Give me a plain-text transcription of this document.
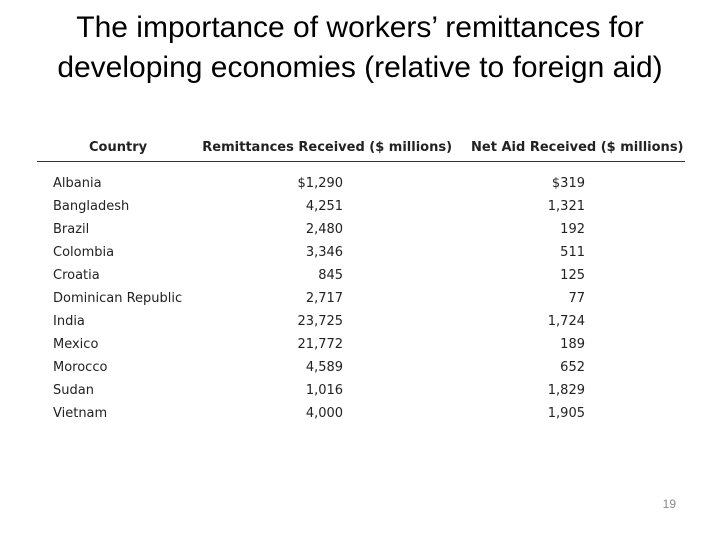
The importance of workers’ remittances for developing economies (relative to foreign aid)
Country	Remittances Received ($ millions)	Net Aid Received ($ millions)
Albania	$1,290	$319
Bangladesh	4,251	1,321
Brazil	2,480	192
Colombia	3,346	511
Croatia	845	125
Dominican Republic	2,717	77
India	23,725	1,724
Mexico	21,772	189
Morocco	4,589	652
Sudan	1,016	1,829
Vietnam	4,000	1,905
19
